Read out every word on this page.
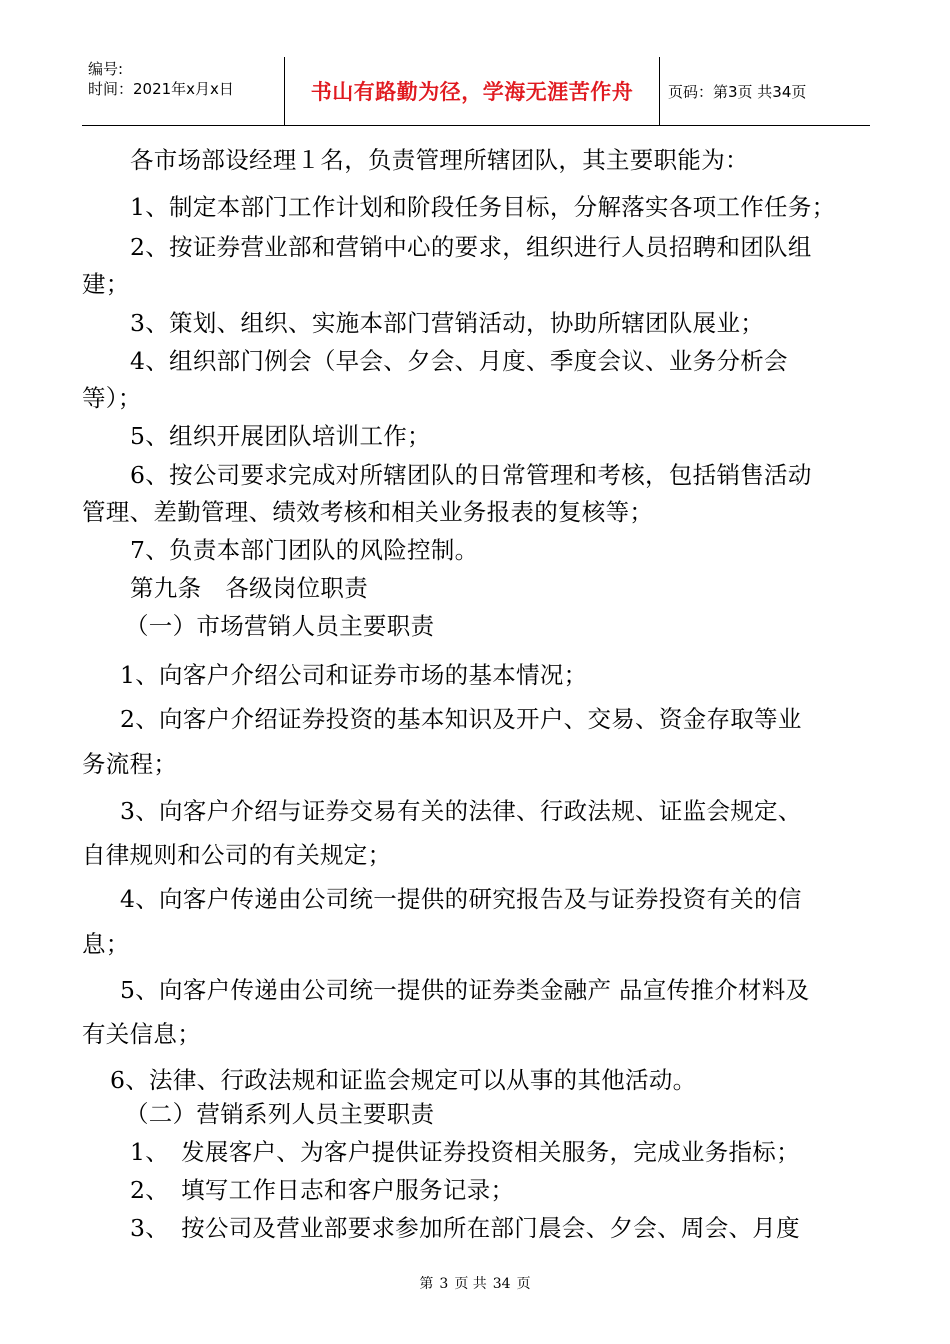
编号:
时间：2021年x月x日	书山有路勤为径，学海无涯苦作舟 页码：第3页 共34页
各市场部设经理１名，负责管理所辖团队，其主要职能为：
1、制定本部门工作计划和阶段任务目标，分解落实各项工作任务；
2、按证券营业部和营销中心的要求，组织进行人员招聘和团队组
建；
3、策划、组织、实施本部门营销活动，协助所辖团队展业；
4、组织部门例会（早会、夕会、月度、季度会议、业务分析会
等）；
5、组织开展团队培训工作；
6、按公司要求完成对所辖团队的日常管理和考核，包括销售活动
管理、差勤管理、绩效考核和相关业务报表的复核等；
7、负责本部门团队的风险控制。
第九条　各级岗位职责
（一）市场营销人员主要职责
1、向客户介绍公司和证券市场的基本情况；
2、向客户介绍证券投资的基本知识及开户、交易、资金存取等业
务流程；
3、向客户介绍与证券交易有关的法律、行政法规、证监会规定、
自律规则和公司的有关规定；
4、向客户传递由公司统一提供的研究报告及与证券投资有关的信
息；
5、向客户传递由公司统一提供的证券类金融产 品宣传推介材料及
有关信息；
6、法律、行政法规和证监会规定可以从事的其他活动。
（二）营销系列人员主要职责
1、　发展客户、为客户提供证券投资相关服务，完成业务指标；
2、　填写工作日志和客户服务记录；
3、　按公司及营业部要求参加所在部门晨会、夕会、周会、月度
第 3 页 共 34 页
